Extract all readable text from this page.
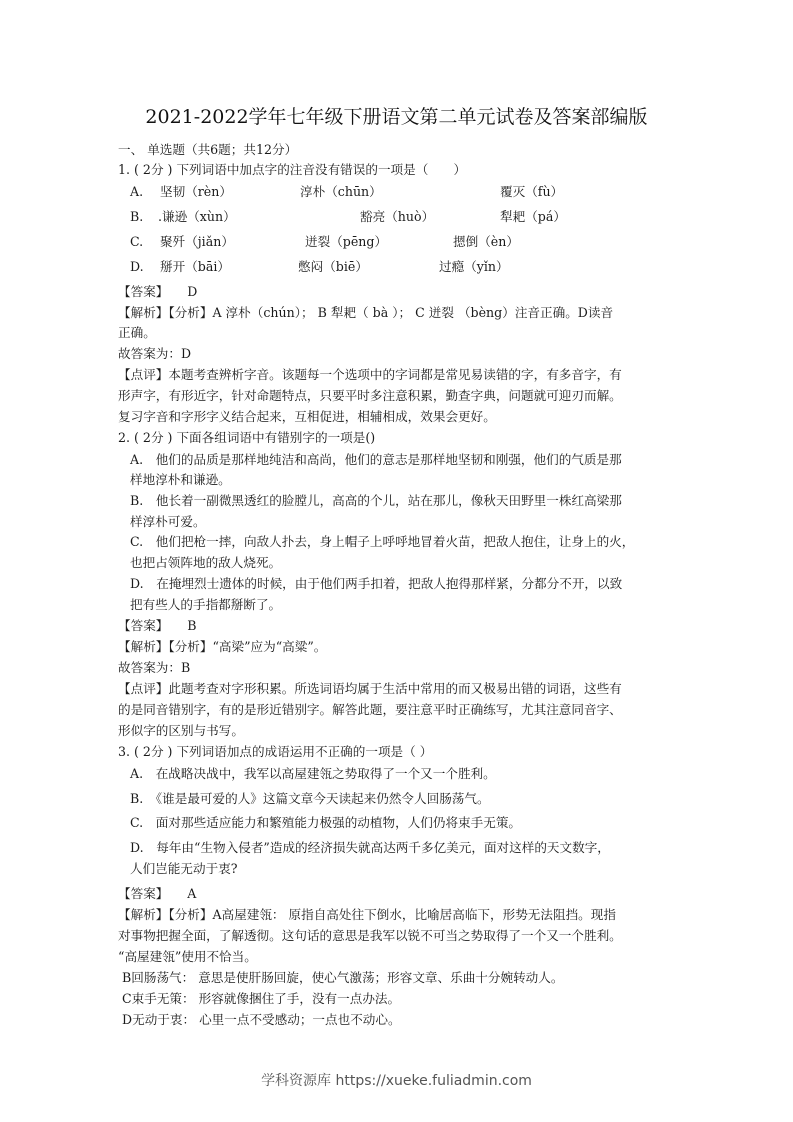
2021-2022学年七年级下册语文第二单元试卷及答案部编版
一、 单选题（共6题；共12分）
1. ( 2分 ) 下列词语中加点字的注音没有错误的一项是（　　）
A. 坚韧（rèn）	淳朴（chūn）	覆灭（fù）
B. .谦逊（xùn）	豁亮（huò）	犁耙（pá）
C. 聚歼（jiǎn）	迸裂（pēng）	摁倒（èn）
D. 掰开（bāi）	憋闷（biē）	过瘾（yǐn）
【答案】　　D
【解析】【分析】A 淳朴（chún）； B 犁耙（ bà ）； C 迸裂 （bèng）注音正确。D读音
正确。
故答案为：D
【点评】本题考查辨析字音。该题每一个选项中的字词都是常见易读错的字，有多音字，有
形声字，有形近字，针对命题特点，只要平时多注意积累，勤查字典，问题就可迎刃而解。
复习字音和字形字义结合起来，互相促进，相辅相成，效果会更好。
2. ( 2分 ) 下面各组词语中有错别字的一项是()
A.　他们的品质是那样地纯洁和高尚，他们的意志是那样地坚韧和刚强，他们的气质是那
样地淳朴和谦逊。
B.　他长着一副微黑透红的脸膛儿，高高的个儿，站在那儿，像秋天田野里一株红高梁那
样淳朴可爱。
C.　他们把枪一摔，向敌人扑去，身上帽子上呼呼地冒着火苗，把敌人抱住，让身上的火，
也把占领阵地的敌人烧死。
D.　在掩埋烈士遗体的时候，由于他们两手扣着，把敌人抱得那样紧，分都分不开，以致
把有些人的手指都掰断了。
【答案】　　B
【解析】【分析】“高梁”应为“高粱”。
故答案为：B
【点评】此题考查对字形积累。所选词语均属于生活中常用的而又极易出错的词语，这些有
的是同音错别字，有的是形近错别字。解答此题，要注意平时正确练写，尤其注意同音字、
形似字的区别与书写。
3. ( 2分 ) 下列词语加点的成语运用不正确的一项是（ ）
A.　在战略决战中，我军以高屋建瓴之势取得了一个又一个胜利。
B.　《谁是最可爱的人》这篇文章今天读起来仍然令人回肠荡气。
C.　面对那些适应能力和繁殖能力极强的动植物，人们仍将束手无策。
D.　每年由“生物入侵者”造成的经济损失就高达两千多亿美元，面对这样的天文数字，
人们岂能无动于衷?
【答案】　　A
【解析】【分析】A高屋建瓴： 原指自高处往下倒水，比喻居高临下，形势无法阻挡。现指
对事物把握全面，了解透彻。这句话的意思是我军以锐不可当之势取得了一个又一个胜利。
“高屋建瓴”使用不恰当。
B回肠荡气： 意思是使肝肠回旋，使心气激荡；形容文章、乐曲十分婉转动人。
C束手无策： 形容就像捆住了手，没有一点办法。
D无动于衷： 心里一点不受感动；一点也不动心。
学科资源库 https://xueke.fuliadmin.com
